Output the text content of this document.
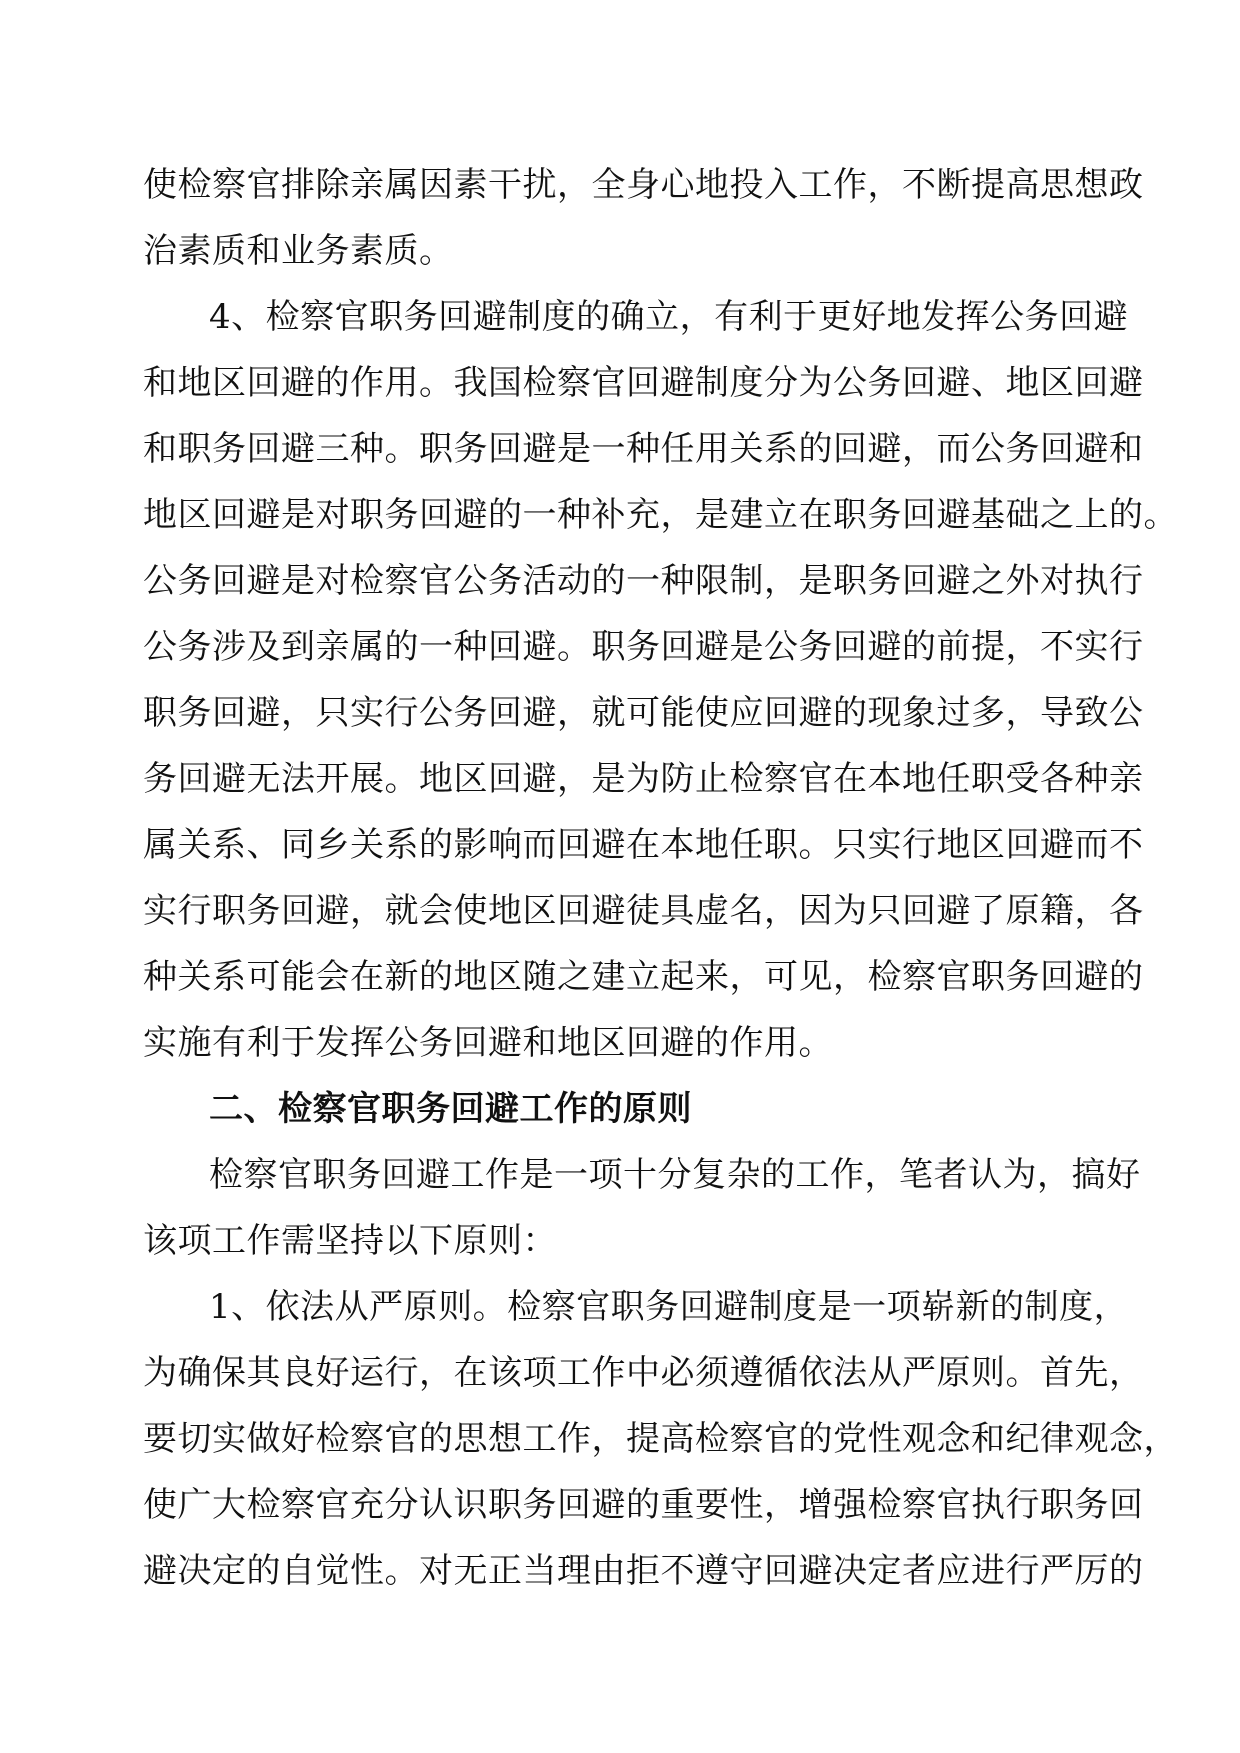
使检察官排除亲属因素干扰，全身心地投入工作，不断提高思想政
治素质和业务素质。
4、检察官职务回避制度的确立，有利于更好地发挥公务回避
和地区回避的作用。我国检察官回避制度分为公务回避、地区回避
和职务回避三种。职务回避是一种任用关系的回避，而公务回避和
地区回避是对职务回避的一种补充，是建立在职务回避基础之上的。
公务回避是对检察官公务活动的一种限制，是职务回避之外对执行
公务涉及到亲属的一种回避。职务回避是公务回避的前提，不实行
职务回避，只实行公务回避，就可能使应回避的现象过多，导致公
务回避无法开展。地区回避，是为防止检察官在本地任职受各种亲
属关系、同乡关系的影响而回避在本地任职。只实行地区回避而不
实行职务回避，就会使地区回避徒具虚名，因为只回避了原籍，各
种关系可能会在新的地区随之建立起来，可见，检察官职务回避的
实施有利于发挥公务回避和地区回避的作用。
二、检察官职务回避工作的原则
检察官职务回避工作是一项十分复杂的工作，笔者认为，搞好
该项工作需坚持以下原则：
1、依法从严原则。检察官职务回避制度是一项崭新的制度，
为确保其良好运行，在该项工作中必须遵循依法从严原则。首先，
要切实做好检察官的思想工作，提高检察官的党性观念和纪律观念，
使广大检察官充分认识职务回避的重要性，增强检察官执行职务回
避决定的自觉性。对无正当理由拒不遵守回避决定者应进行严厉的
